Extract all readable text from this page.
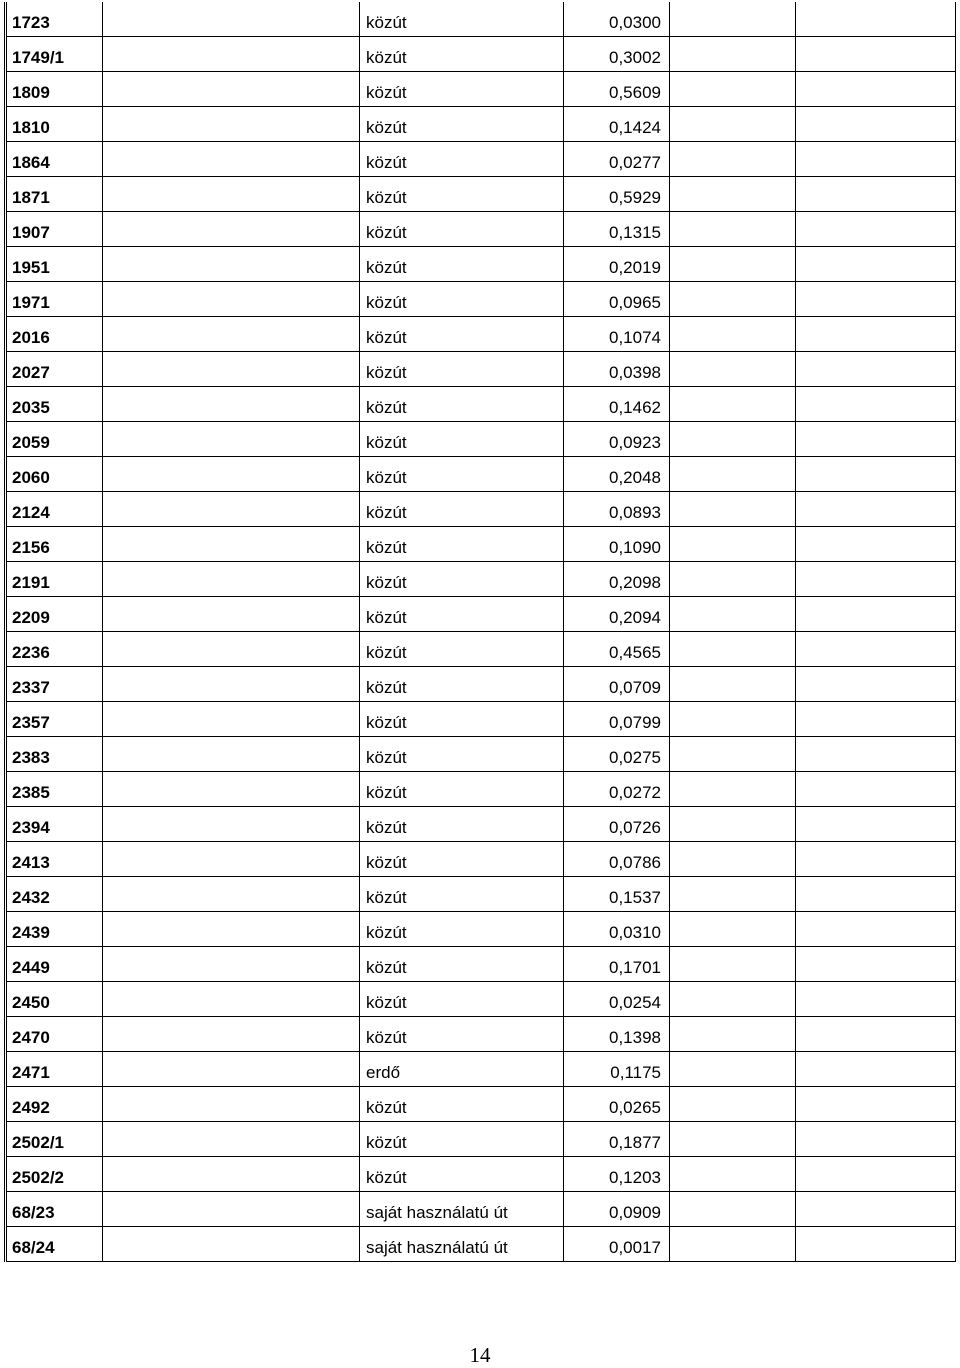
1723		közút	0,0300		
1749/1		közút	0,3002		
1809		közút	0,5609		
1810		közút	0,1424		
1864		közút	0,0277		
1871		közút	0,5929		
1907		közút	0,1315		
1951		közút	0,2019		
1971		közút	0,0965		
2016		közút	0,1074		
2027		közút	0,0398		
2035		közút	0,1462		
2059		közút	0,0923		
2060		közút	0,2048		
2124		közút	0,0893		
2156		közút	0,1090		
2191		közút	0,2098		
2209		közút	0,2094		
2236		közút	0,4565		
2337		közút	0,0709		
2357		közút	0,0799		
2383		közút	0,0275		
2385		közút	0,0272		
2394		közút	0,0726		
2413		közút	0,0786		
2432		közút	0,1537		
2439		közút	0,0310		
2449		közút	0,1701		
2450		közút	0,0254		
2470		közút	0,1398		
2471		erdő	0,1175		
2492		közút	0,0265		
2502/1		közút	0,1877		
2502/2		közút	0,1203		
68/23		saját használatú út	0,0909		
68/24		saját használatú út	0,0017		
14
